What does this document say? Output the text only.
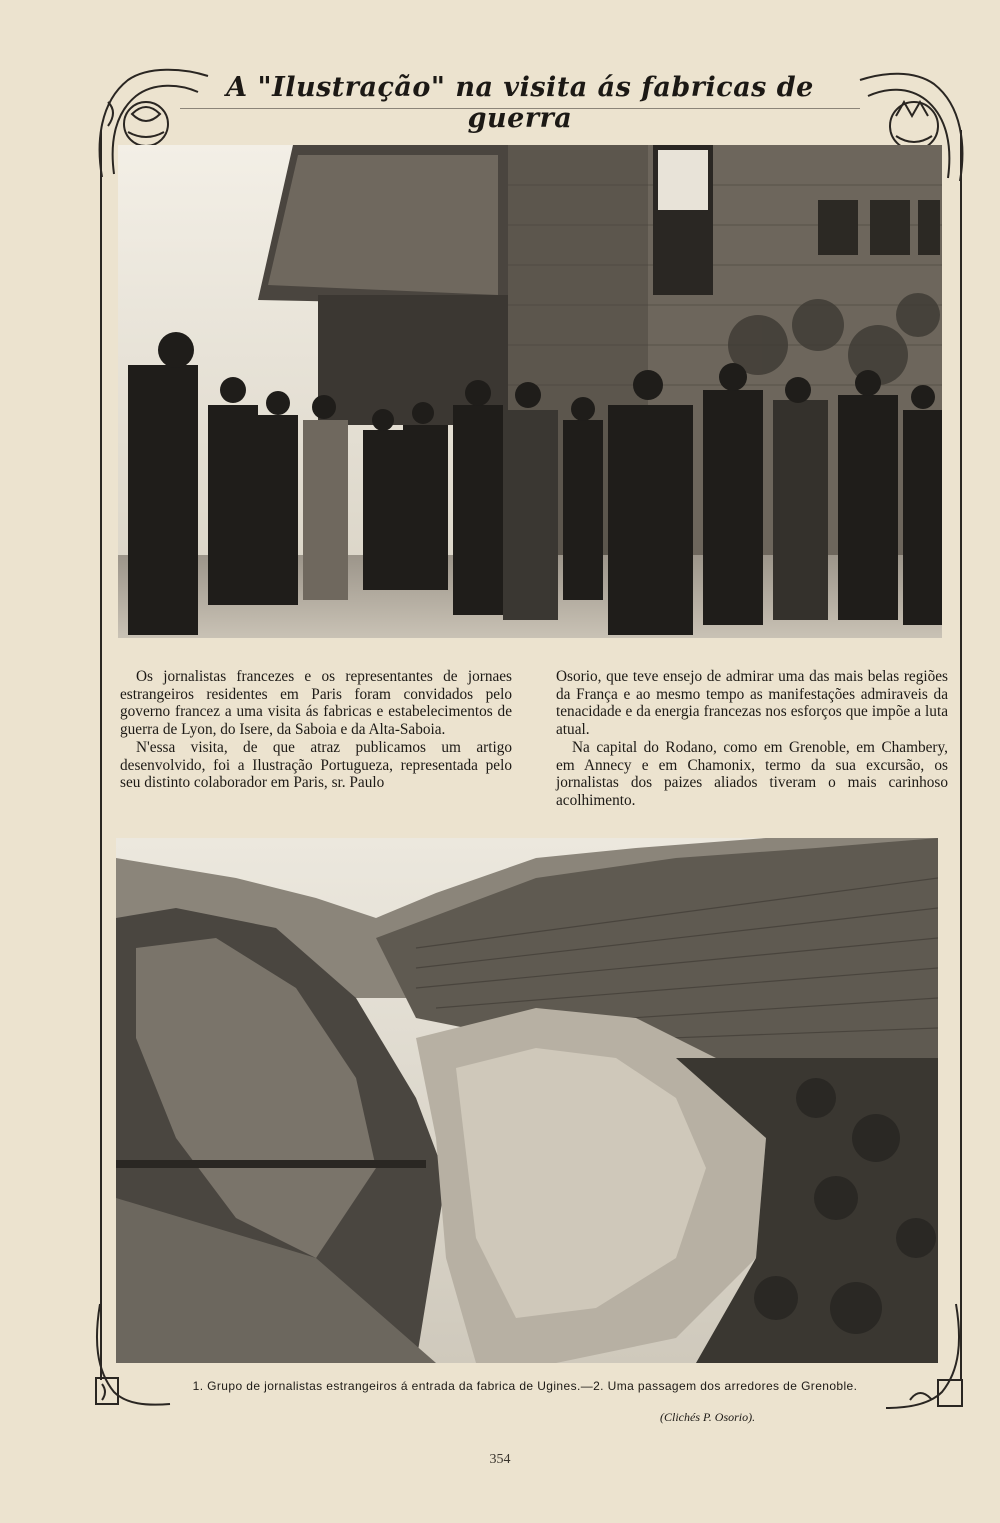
A "Ilustração" na visita ás fabricas de guerra

Os jornalistas francezes e os representantes de jornaes estrangeiros residentes em Paris foram convidados pelo governo francez a uma visita ás fabricas e estabelecimentos de guerra de Lyon, do Isere, da Saboia e da Alta-Saboia.

N'essa visita, de que atraz publicamos um artigo desenvolvido, foi a Ilustração Portugueza, representada pelo seu distinto colaborador em Paris, sr. Paulo

Osorio, que teve ensejo de admirar uma das mais belas regiões da França e ao mesmo tempo as manifestações admiraveis da tenacidade e da energia francezas nos esforços que impõe a luta atual.

Na capital do Rodano, como em Grenoble, em Chambery, em Annecy e em Chamonix, termo da sua excursão, os jornalistas dos paizes aliados tiveram o mais carinhoso acolhimento.

1. Grupo de jornalistas estrangeiros á entrada da fabrica de Ugines.—2. Uma passagem dos arredores de Grenoble.
(Clichés P. Osorio).
354
